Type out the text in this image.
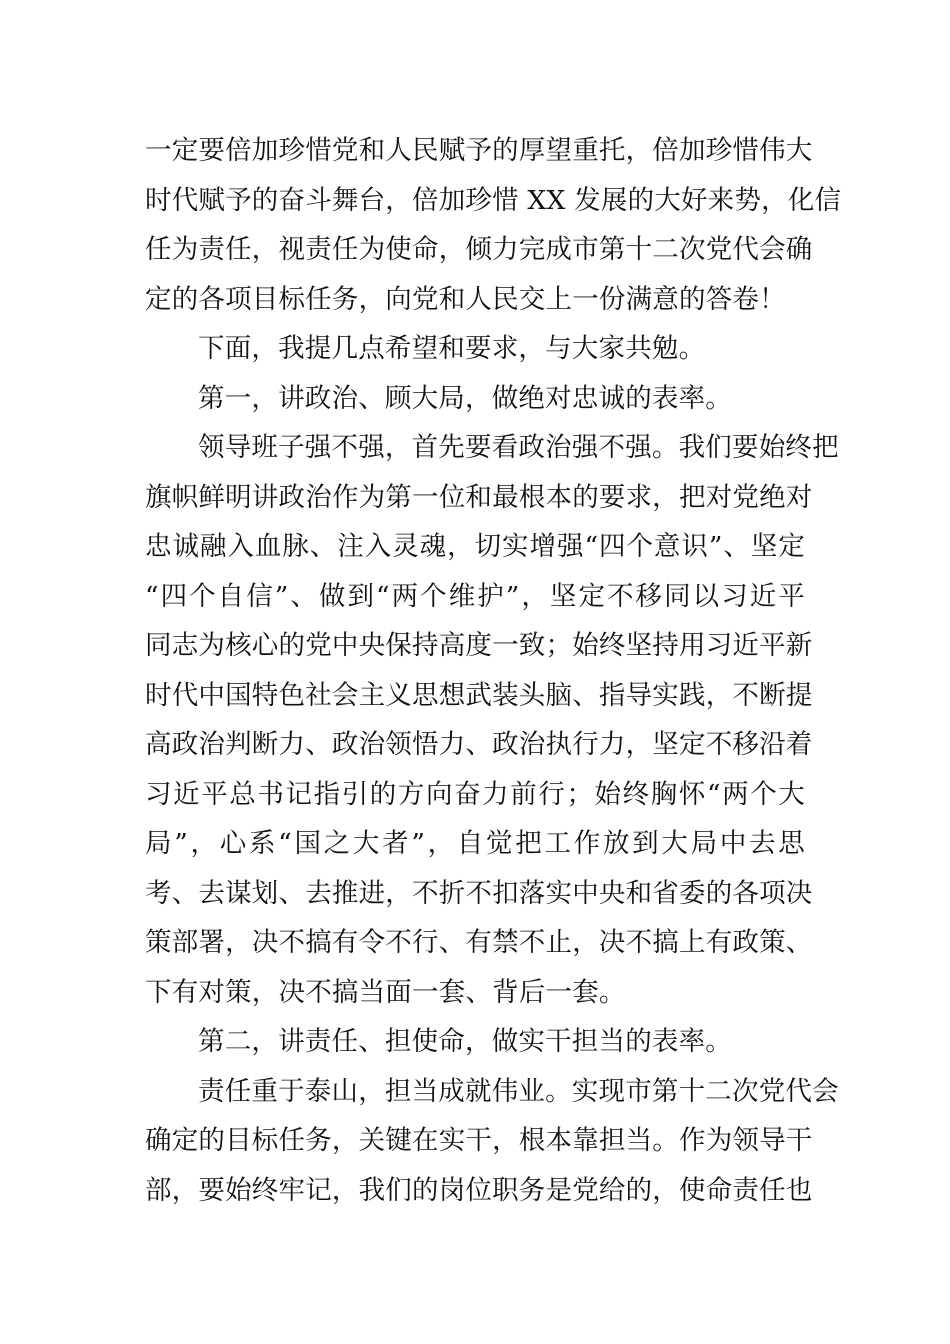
一定要倍加珍惜党和人民赋予的厚望重托，倍加珍惜伟大
时代赋予的奋斗舞台，倍加珍惜 XX 发展的大好来势，化信
任为责任，视责任为使命，倾力完成市第十二次党代会确
定的各项目标任务，向党和人民交上一份满意的答卷！
下面，我提几点希望和要求，与大家共勉。
第一，讲政治、顾大局，做绝对忠诚的表率。
领导班子强不强，首先要看政治强不强。我们要始终把
旗帜鲜明讲政治作为第一位和最根本的要求，把对党绝对
忠诚融入血脉、注入灵魂，切实增强“四个意识”、坚定
“四个自信”、做到“两个维护”，坚定不移同以习近平
同志为核心的党中央保持高度一致；始终坚持用习近平新
时代中国特色社会主义思想武装头脑、指导实践，不断提
高政治判断力、政治领悟力、政治执行力，坚定不移沿着
习近平总书记指引的方向奋力前行；始终胸怀“两个大
局”，心系“国之大者”，自觉把工作放到大局中去思
考、去谋划、去推进，不折不扣落实中央和省委的各项决
策部署，决不搞有令不行、有禁不止，决不搞上有政策、
下有对策，决不搞当面一套、背后一套。
第二，讲责任、担使命，做实干担当的表率。
责任重于泰山，担当成就伟业。实现市第十二次党代会
确定的目标任务，关键在实干，根本靠担当。作为领导干
部，要始终牢记，我们的岗位职务是党给的，使命责任也
